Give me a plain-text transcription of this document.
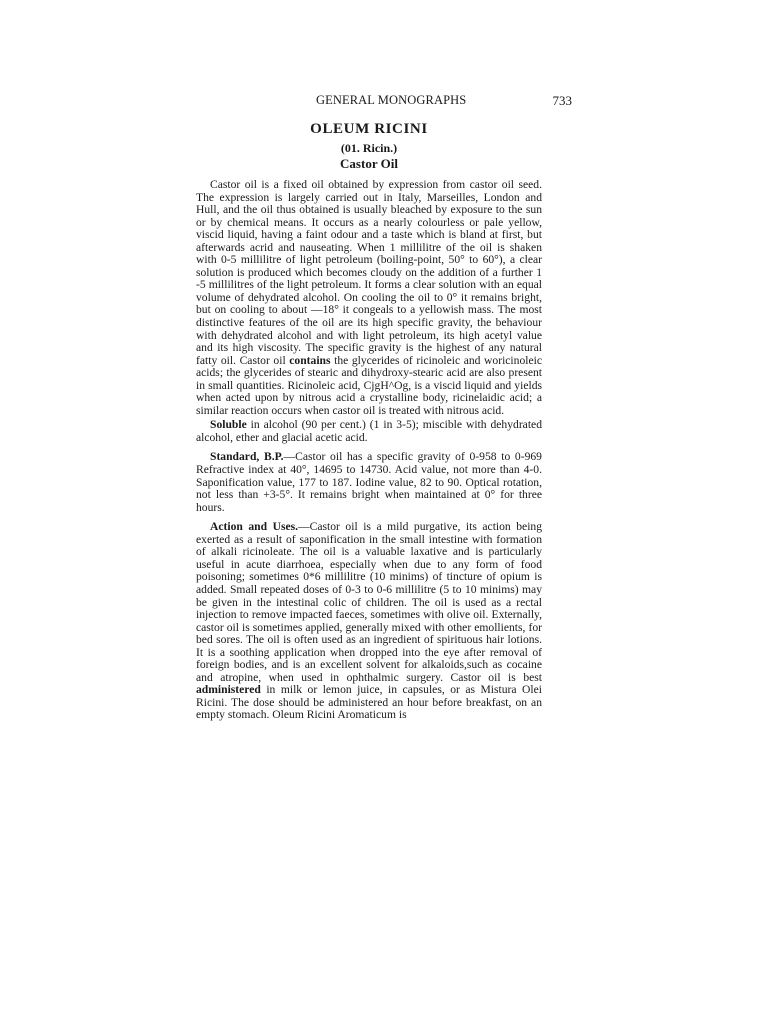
GENERAL MONOGRAPHS	733
OLEUM RICINI
(01. Ricin.)
Castor Oil

Castor oil is a fixed oil obtained by expression from castor oil seed. The expression is largely carried out in Italy, Marseilles, London and Hull, and the oil thus obtained is usually bleached by exposure to the sun or by chemical means. It occurs as a nearly colourless or pale yellow, viscid liquid, having a faint odour and a taste which is bland at first, but afterwards acrid and nauseating. When 1 millilitre of the oil is shaken with 0-5 millilitre of light petroleum (boiling-point, 50° to 60°), a clear solution is produced which becomes cloudy on the addition of a further 1 -5 millilitres of the light petroleum. It forms a clear solution with an equal volume of dehydrated alcohol. On cooling the oil to 0° it remains bright, but on cooling to about —18° it congeals to a yellowish mass. The most distinctive features of the oil are its high specific gravity, the behaviour with dehydrated alcohol and with light petroleum, its high acetyl value and its high viscosity. The specific gravity is the highest of any natural fatty oil. Castor oil contains the glycerides of ricinoleic and woricinoleic acids; the glycerides of stearic and dihydroxy-stearic acid are also present in small quantities. Ricinoleic acid, CjgH^Og, is a viscid liquid and yields when acted upon by nitrous acid a crystalline body, ricinelaidic acid; a similar reaction occurs when castor oil is treated with nitrous acid.

Soluble in alcohol (90 per cent.) (1 in 3-5); miscible with dehydrated alcohol, ether and glacial acetic acid.

Standard, B.P.—Castor oil has a specific gravity of 0-958 to 0-969 Refractive index at 40°, 14695 to 14730. Acid value, not more than 4-0. Saponification value, 177 to 187. Iodine value, 82 to 90. Optical rotation, not less than +3-5°. It remains bright when maintained at 0° for three hours.

Action and Uses.—Castor oil is a mild purgative, its action being exerted as a result of saponification in the small intestine with formation of alkali ricinoleate. The oil is a valuable laxative and is particularly useful in acute diarrhoea, especially when due to any form of food poisoning; sometimes 0*6 millilitre (10 minims) of tincture of opium is added. Small repeated doses of 0-3 to 0-6 millilitre (5 to 10 minims) may be given in the intestinal colic of children. The oil is used as a rectal injection to remove impacted faeces, sometimes with olive oil. Externally, castor oil is sometimes applied, generally mixed with other emollients, for bed sores. The oil is often used as an ingredient of spirituous hair lotions. It is a soothing application when dropped into the eye after removal of foreign bodies, and is an excellent solvent for alkaloids,such as cocaine and atropine, when used in ophthalmic surgery. Castor oil is best administered in milk or lemon juice, in capsules, or as Mistura Olei Ricini. The dose should be administered an hour before breakfast, on an empty stomach. Oleum Ricini Aromaticum is
